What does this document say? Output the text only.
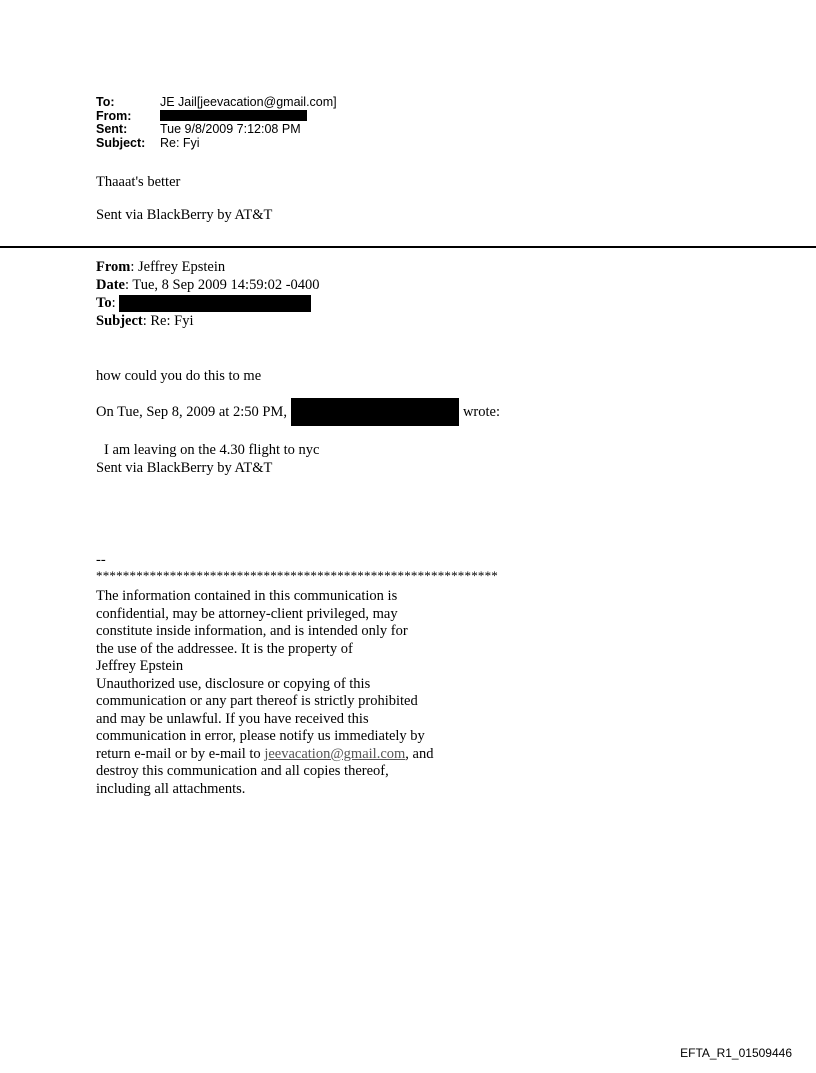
To:	JE Jail[jeevacation@gmail.com]
From:
Sent:	Tue 9/8/2009 7:12:08 PM
Subject:	Re: Fyi
Thaaat's better
Sent via BlackBerry by AT&T
From : Jeffrey Epstein
Date : Tue, 8 Sep 2009 14:59:02 -0400
To :
Subject : Re: Fyi
how could you do this to me
On Tue, Sep 8, 2009 at 2:50 PM,	wrote:
I am leaving on the 4.30 flight to nyc
Sent via BlackBerry by AT&T
--
************************************************************
The information contained in this communication is
confidential, may be attorney-client privileged, may
constitute inside information, and is intended only for
the use of the addressee. It is the property of
Jeffrey Epstein
Unauthorized use, disclosure or copying of this
communication or any part thereof is strictly prohibited
and may be unlawful. If you have received this
communication in error, please notify us immediately by
return e-mail or by e-mail to jeevacation@gmail.com, and
destroy this communication and all copies thereof,
including all attachments.
EFTA_R1_01509446
